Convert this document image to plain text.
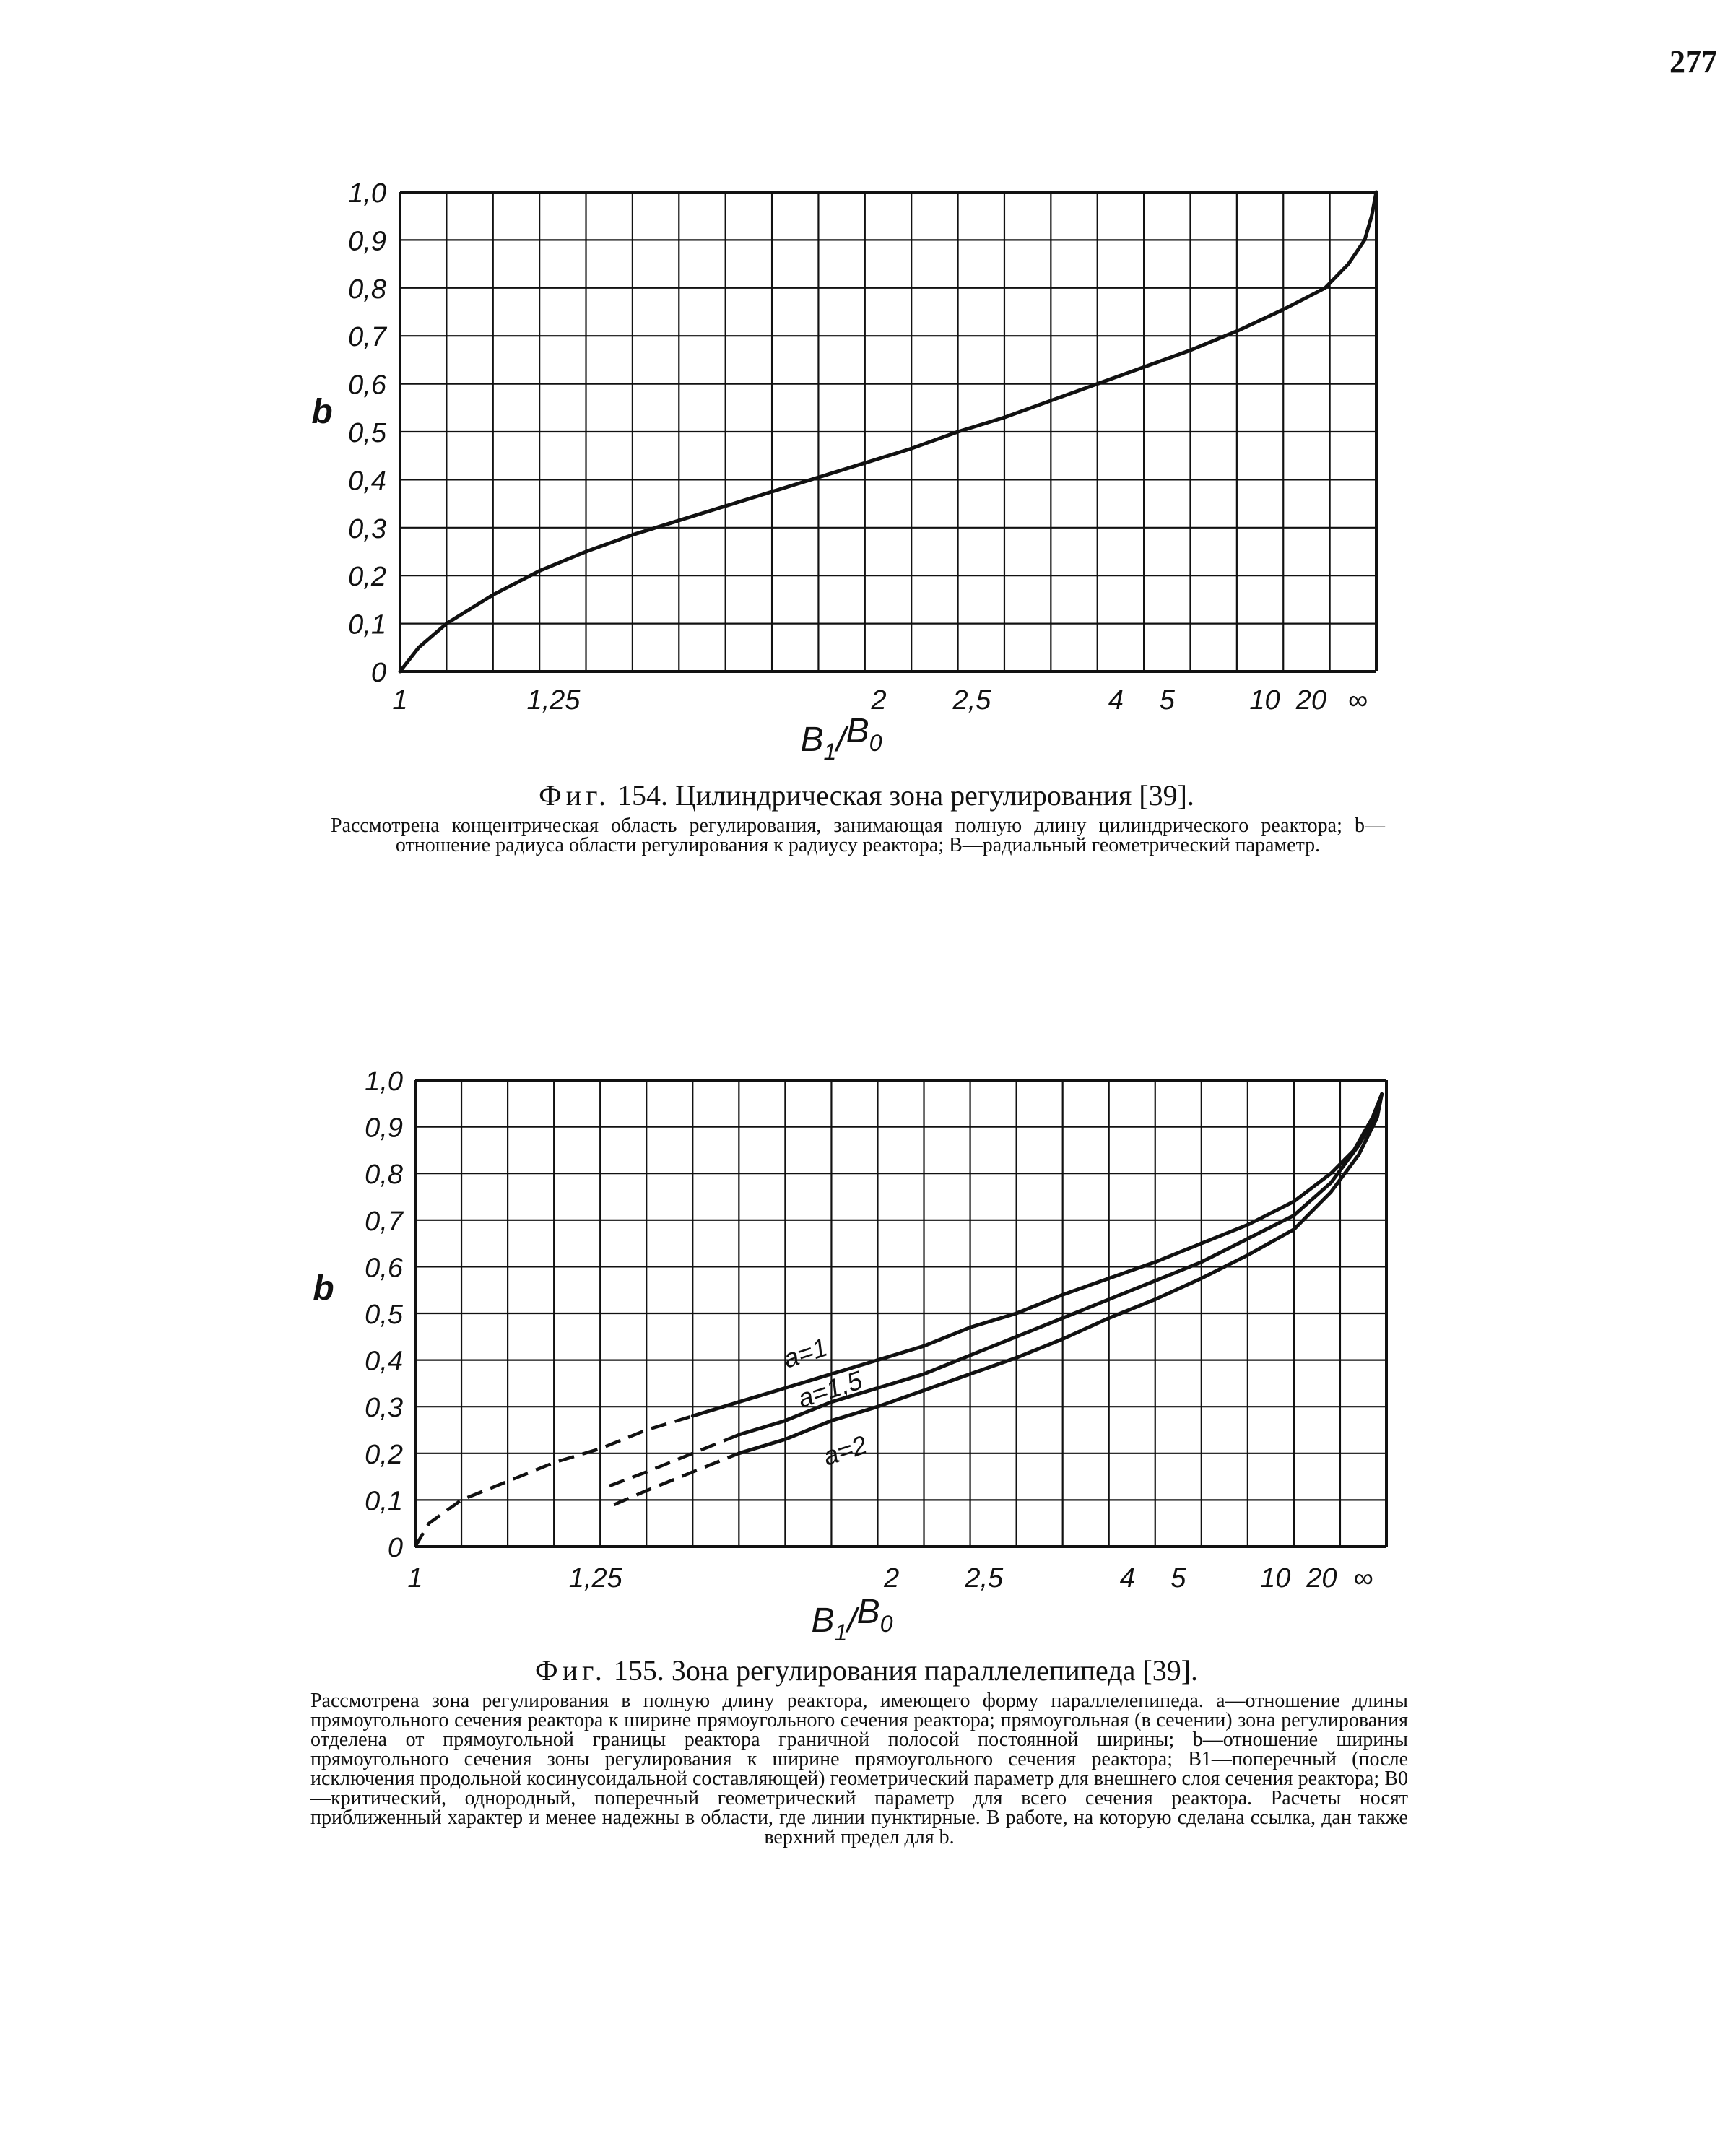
277
0
0,1
0,2
0,3
0,4
0,5
0,6
0,7
0,8
0,9
1,0
1	1,25	2 2,5	4 5	10 20 ∞
b
$B_1/B_0$
Фиг. 154. Цилиндрическая зона регулирования [39].
Рассмотрена концентрическая область регулирования, занимающая полную длину цилиндрического реактора; b—отношение радиуса области регулирования к радиусу реактора; B—радиальный геометрический параметр.
0
0,1
0,2
0,3
0,4
0,5
0,6
0,7
0,8
0,9
1,0
1	1,25	2 2,5	4 5	10 20 ∞
b
$B_1/B_0$
a=1
a=1,5
a=2
Фиг. 155. Зона регулирования параллелепипеда [39].
Рассмотрена зона регулирования в полную длину реактора, имеющего форму параллелепипеда. a—отношение длины прямоугольного сечения реактора к ширине прямоугольного сечения реактора; прямоугольная (в сечении) зона регулирования отделена от прямоугольной границы реактора граничной полосой постоянной ширины; b—отношение ширины прямоугольного сечения зоны регулирования к ширине прямоугольного сечения реактора; B1—поперечный (после исключения продольной косинусоидальной составляющей) геометрический параметр для внешнего слоя сечения реактора; B0—критический, однородный, поперечный геометрический параметр для всего сечения реактора. Расчеты носят приближенный характер и менее надежны в области, где линии пунктирные. В работе, на которую сделана ссылка, дан также верхний предел для b.
